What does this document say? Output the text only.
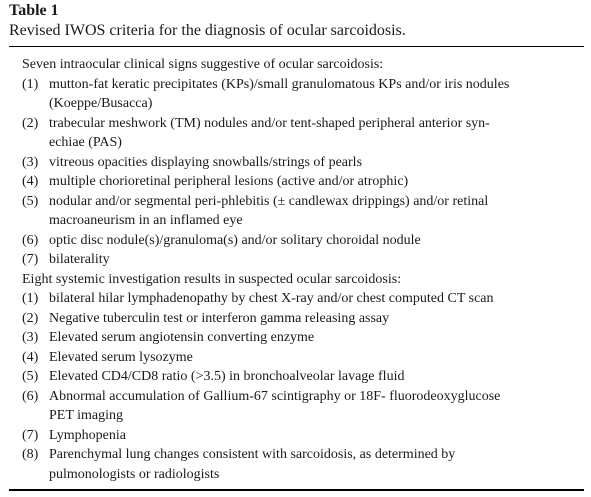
Table 1
Revised IWOS criteria for the diagnosis of ocular sarcoidosis.
Seven intraocular clinical signs suggestive of ocular sarcoidosis:
(1) mutton-fat keratic precipitates (KPs)/small granulomatous KPs and/or iris nodules
(Koeppe/Busacca)
(2) trabecular meshwork (TM) nodules and/or tent-shaped peripheral anterior syn-
echiae (PAS)
(3) vitreous opacities displaying snowballs/strings of pearls
(4) multiple chorioretinal peripheral lesions (active and/or atrophic)
(5) nodular and/or segmental peri-phlebitis (± candlewax drippings) and/or retinal
macroaneurism in an inflamed eye
(6) optic disc nodule(s)/granuloma(s) and/or solitary choroidal nodule
(7) bilaterality
Eight systemic investigation results in suspected ocular sarcoidosis:
(1) bilateral hilar lymphadenopathy by chest X-ray and/or chest computed CT scan
(2) Negative tuberculin test or interferon gamma releasing assay
(3) Elevated serum angiotensin converting enzyme
(4) Elevated serum lysozyme
(5) Elevated CD4/CD8 ratio (>3.5) in bronchoalveolar lavage fluid
(6) Abnormal accumulation of Gallium-67 scintigraphy or 18F- fluorodeoxyglucose
PET imaging
(7) Lymphopenia
(8) Parenchymal lung changes consistent with sarcoidosis, as determined by
pulmonologists or radiologists
